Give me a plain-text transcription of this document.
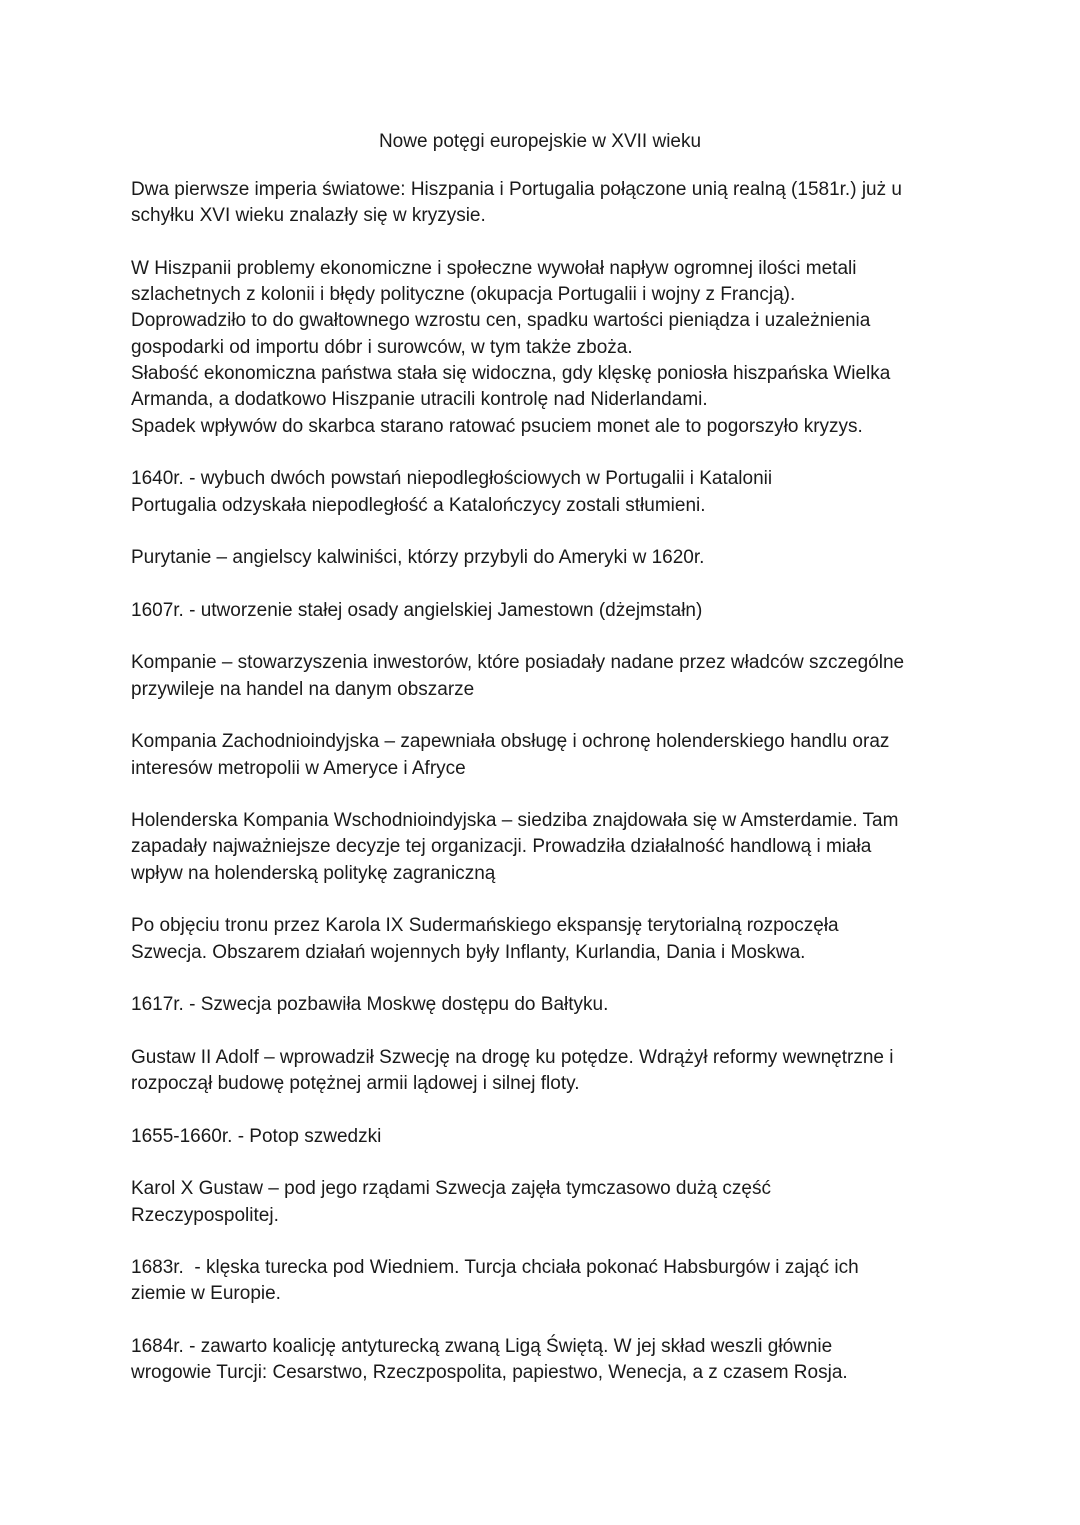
Nowe potęgi europejskie w XVII wieku
Dwa pierwsze imperia światowe: Hiszpania i Portugalia połączone unią realną (1581r.) już u
schyłku XVI wieku znalazły się w kryzysie.
W Hiszpanii problemy ekonomiczne i społeczne wywołał napływ ogromnej ilości metali
szlachetnych z kolonii i błędy polityczne (okupacja Portugalii i wojny z Francją).
Doprowadziło to do gwałtownego wzrostu cen, spadku wartości pieniądza i uzależnienia
gospodarki od importu dóbr i surowców, w tym także zboża.
Słabość ekonomiczna państwa stała się widoczna, gdy klęskę poniosła hiszpańska Wielka
Armanda, a dodatkowo Hiszpanie utracili kontrolę nad Niderlandami.
Spadek wpływów do skarbca starano ratować psuciem monet ale to pogorszyło kryzys.
1640r. - wybuch dwóch powstań niepodległościowych w Portugalii i Katalonii
Portugalia odzyskała niepodległość a Katalończycy zostali stłumieni.
Purytanie – angielscy kalwiniści, którzy przybyli do Ameryki w 1620r.
1607r. - utworzenie stałej osady angielskiej Jamestown (dżejmstałn)
Kompanie – stowarzyszenia inwestorów, które posiadały nadane przez władców szczególne
przywileje na handel na danym obszarze
Kompania Zachodnioindyjska – zapewniała obsługę i ochronę holenderskiego handlu oraz
interesów metropolii w Ameryce i Afryce
Holenderska Kompania Wschodnioindyjska – siedziba znajdowała się w Amsterdamie. Tam
zapadały najważniejsze decyzje tej organizacji. Prowadziła działalność handlową i miała
wpływ na holenderską politykę zagraniczną
Po objęciu tronu przez Karola IX Sudermańskiego ekspansję terytorialną rozpoczęła
Szwecja. Obszarem działań wojennych były Inflanty, Kurlandia, Dania i Moskwa.
1617r. - Szwecja pozbawiła Moskwę dostępu do Bałtyku.
Gustaw II Adolf – wprowadził Szwecję na drogę ku potędze. Wdrążył reformy wewnętrzne i
rozpoczął budowę potężnej armii lądowej i silnej floty.
1655-1660r. - Potop szwedzki
Karol X Gustaw – pod jego rządami Szwecja zajęła tymczasowo dużą część
Rzeczypospolitej.
1683r.  - klęska turecka pod Wiedniem. Turcja chciała pokonać Habsburgów i zająć ich
ziemie w Europie.
1684r. - zawarto koalicję antyturecką zwaną Ligą Świętą. W jej skład weszli głównie
wrogowie Turcji: Cesarstwo, Rzeczpospolita, papiestwo, Wenecja, a z czasem Rosja.
